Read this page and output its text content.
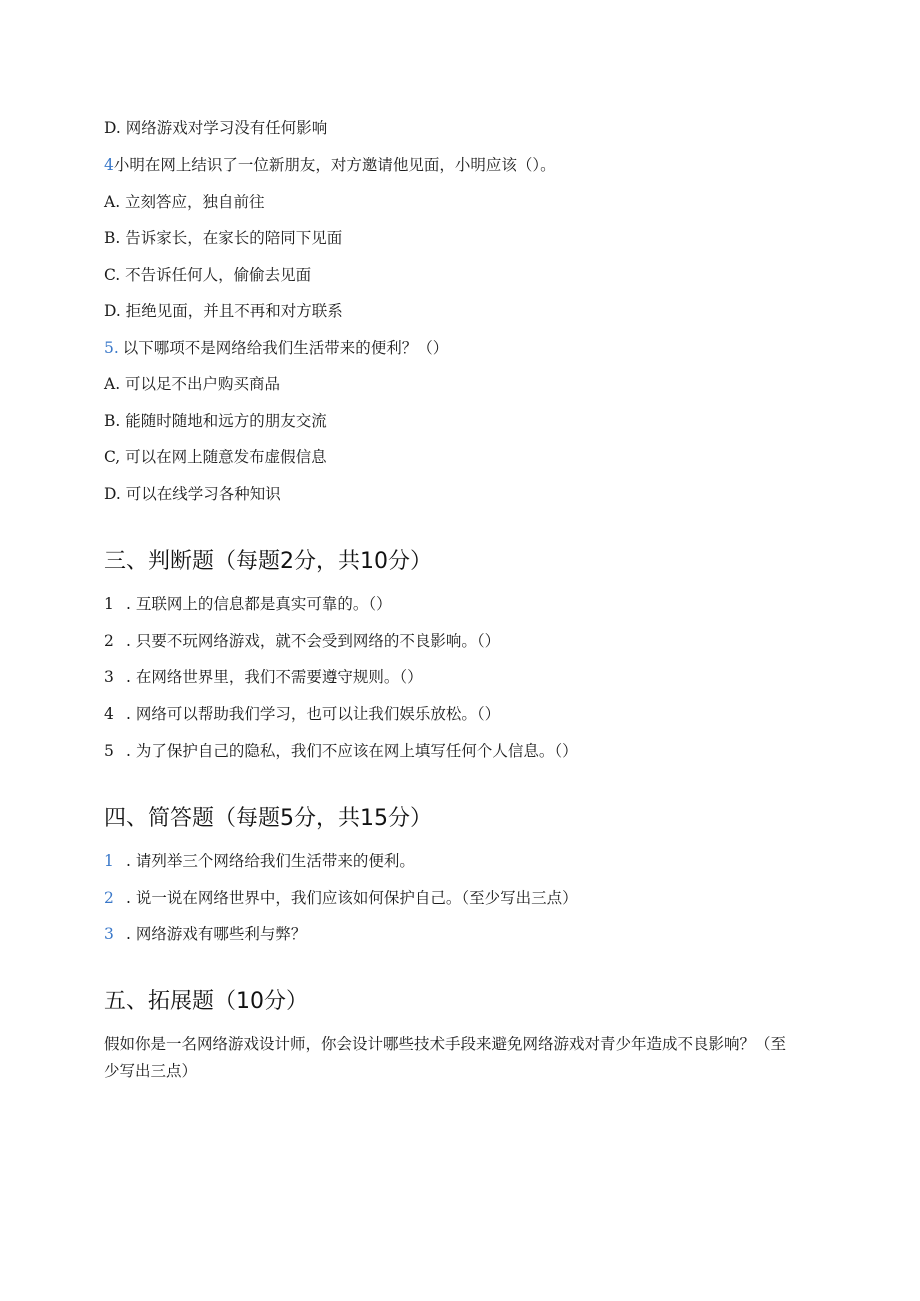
D. 网络游戏对学习没有任何影响
4小明在网上结识了一位新朋友，对方邀请他见面，小明应该（）。
A. 立刻答应，独自前往
B. 告诉家长，在家长的陪同下见面
C. 不告诉任何人，偷偷去见面
D. 拒绝见面，并且不再和对方联系
5. 以下哪项不是网络给我们生活带来的便利？（）
A. 可以足不出户购买商品
B. 能随时随地和远方的朋友交流
C, 可以在网上随意发布虚假信息
D. 可以在线学习各种知识
三、判断题（每题2分，共10分）
1 . 互联网上的信息都是真实可靠的。（）
2 . 只要不玩网络游戏，就不会受到网络的不良影响。（）
3 . 在网络世界里，我们不需要遵守规则。（）
4 . 网络可以帮助我们学习，也可以让我们娱乐放松。（）
5 . 为了保护自己的隐私，我们不应该在网上填写任何个人信息。（）
四、简答题（每题5分，共15分）
1 . 请列举三个网络给我们生活带来的便利。
2 . 说一说在网络世界中，我们应该如何保护自己。（至少写出三点）
3 . 网络游戏有哪些利与弊？
五、拓展题（10分）
假如你是一名网络游戏设计师，你会设计哪些技术手段来避免网络游戏对青少年造成不良影响？（至少写出三点）
